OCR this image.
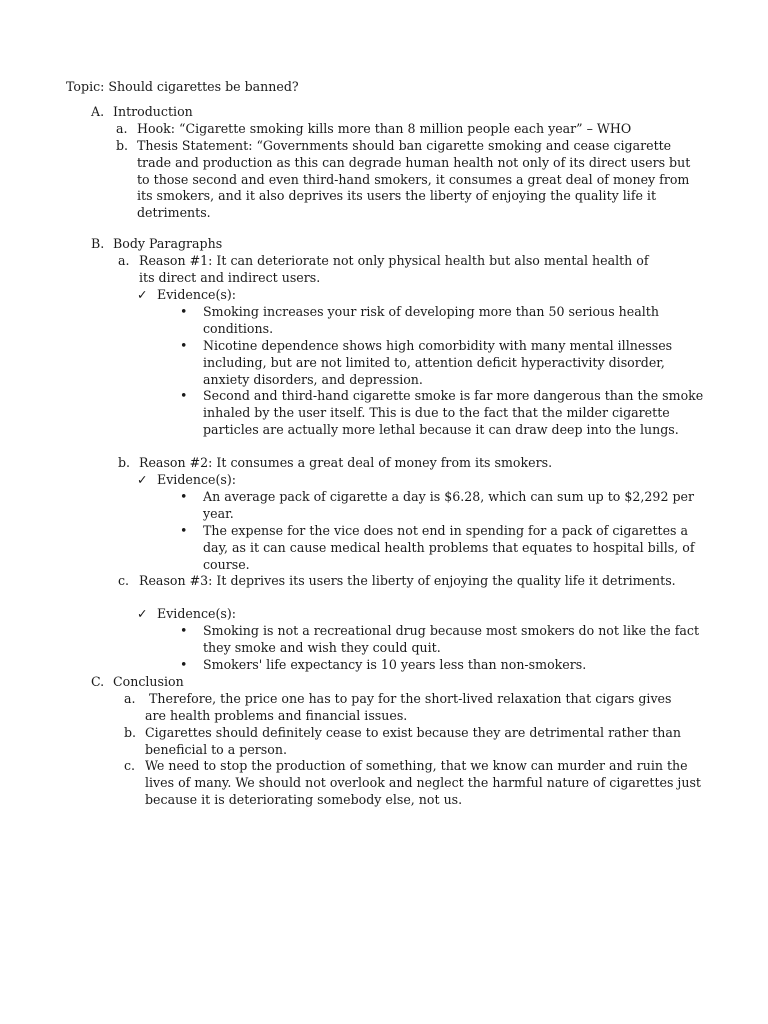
Topic: Should cigarettes be banned?
A. Introduction
a. Hook: “Cigarette smoking kills more than 8 million people each year” – WHO
b. Thesis Statement: “Governments should ban cigarette smoking and cease cigarette trade and production as this can degrade human health not only of its direct users but to those second and even third-hand smokers, it consumes a great deal of money from its smokers, and it also deprives its users the liberty of enjoying the quality life it detriments.
B. Body Paragraphs
a. Reason #1: It can deteriorate not only physical health but also mental health of its direct and indirect users.
✓ Evidence(s):
• Smoking increases your risk of developing more than 50 serious health conditions.
• Nicotine dependence shows high comorbidity with many mental illnesses including, but are not limited to, attention deficit hyperactivity disorder, anxiety disorders, and depression.
• Second and third-hand cigarette smoke is far more dangerous than the smoke inhaled by the user itself. This is due to the fact that the milder cigarette particles are actually more lethal because it can draw deep into the lungs.
b. Reason #2: It consumes a great deal of money from its smokers.
✓ Evidence(s):
• An average pack of cigarette a day is $6.28, which can sum up to $2,292 per year.
• The expense for the vice does not end in spending for a pack of cigarettes a day, as it can cause medical health problems that equates to hospital bills, of course.
c. Reason #3: It deprives its users the liberty of enjoying the quality life it detriments.
✓ Evidence(s):
• Smoking is not a recreational drug because most smokers do not like the fact they smoke and wish they could quit.
• Smokers' life expectancy is 10 years less than non-smokers.
C. Conclusion
a. Therefore, the price one has to pay for the short-lived relaxation that cigars gives are health problems and financial issues.
b. Cigarettes should definitely cease to exist because they are detrimental rather than beneficial to a person.
c. We need to stop the production of something, that we know can murder and ruin the lives of many. We should not overlook and neglect the harmful nature of cigarettes just because it is deteriorating somebody else, not us.
